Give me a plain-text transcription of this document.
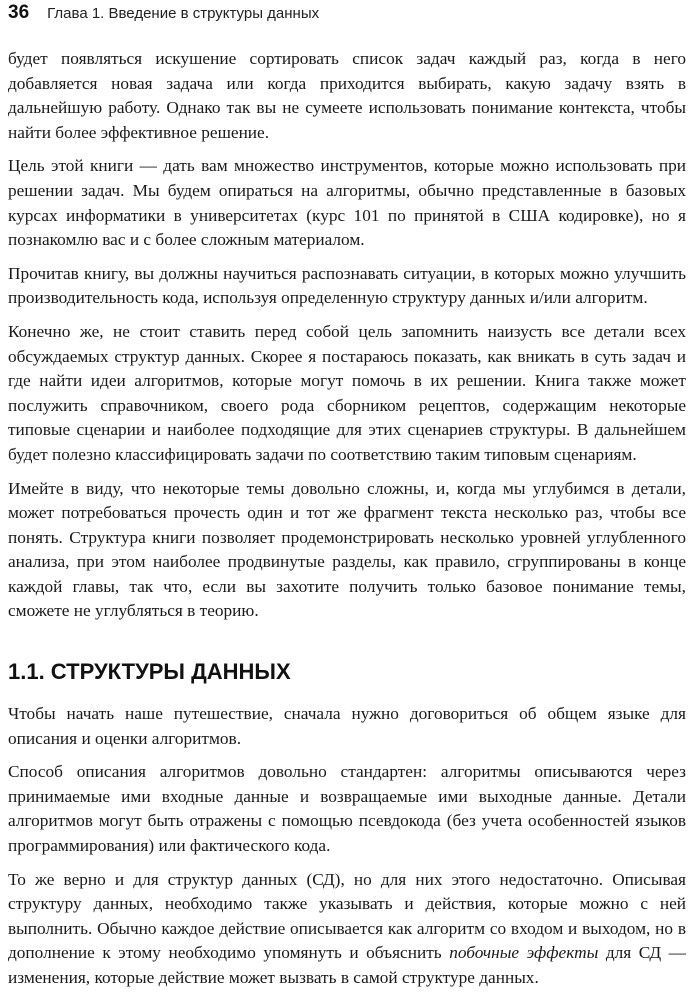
36 Глава 1. Введение в структуры данных

будет появляться искушение сортировать список задач каждый раз, когда в него добавляется новая задача или когда приходится выбирать, какую задачу взять в дальнейшую работу. Однако так вы не сумеете использовать понимание контекста, чтобы найти более эффективное решение.

Цель этой книги — дать вам множество инструментов, которые можно использовать при решении задач. Мы будем опираться на алгоритмы, обычно представленные в базовых курсах информатики в университетах (курс 101 по принятой в США кодировке), но я познакомлю вас и с более сложным материалом.

Прочитав книгу, вы должны научиться распознавать ситуации, в которых можно улучшить производительность кода, используя определенную структуру данных и/или алгоритм.

Конечно же, не стоит ставить перед собой цель запомнить наизусть все детали всех обсуждаемых структур данных. Скорее я постараюсь показать, как вникать в суть задач и где найти идеи алгоритмов, которые могут помочь в их решении. Книга также может послужить справочником, своего рода сборником рецептов, содержащим некоторые типовые сценарии и наиболее подходящие для этих сценариев структуры. В дальнейшем будет полезно классифицировать задачи по соответствию таким типовым сценариям.

Имейте в виду, что некоторые темы довольно сложны, и, когда мы углубимся в детали, может потребоваться прочесть один и тот же фрагмент текста несколько раз, чтобы все понять. Структура книги позволяет продемонстрировать несколько уровней углубленного анализа, при этом наиболее продвинутые разделы, как правило, сгруппированы в конце каждой главы, так что, если вы захотите получить только базовое понимание темы, сможете не углубляться в теорию.

1.1. СТРУКТУРЫ ДАННЫХ

Чтобы начать наше путешествие, сначала нужно договориться об общем языке для описания и оценки алгоритмов.

Способ описания алгоритмов довольно стандартен: алгоритмы описываются через принимаемые ими входные данные и возвращаемые ими выходные данные. Детали алгоритмов могут быть отражены с помощью псевдокода (без учета особенностей языков программирования) или фактического кода.

То же верно и для структур данных (СД), но для них этого недостаточно. Описывая структуру данных, необходимо также указывать и действия, которые можно с ней выполнить. Обычно каждое действие описывается как алгоритм со входом и выходом, но в дополнение к этому необходимо упомянуть и объяснить побочные эффекты для СД — изменения, которые действие может вызвать в самой структуре данных.
